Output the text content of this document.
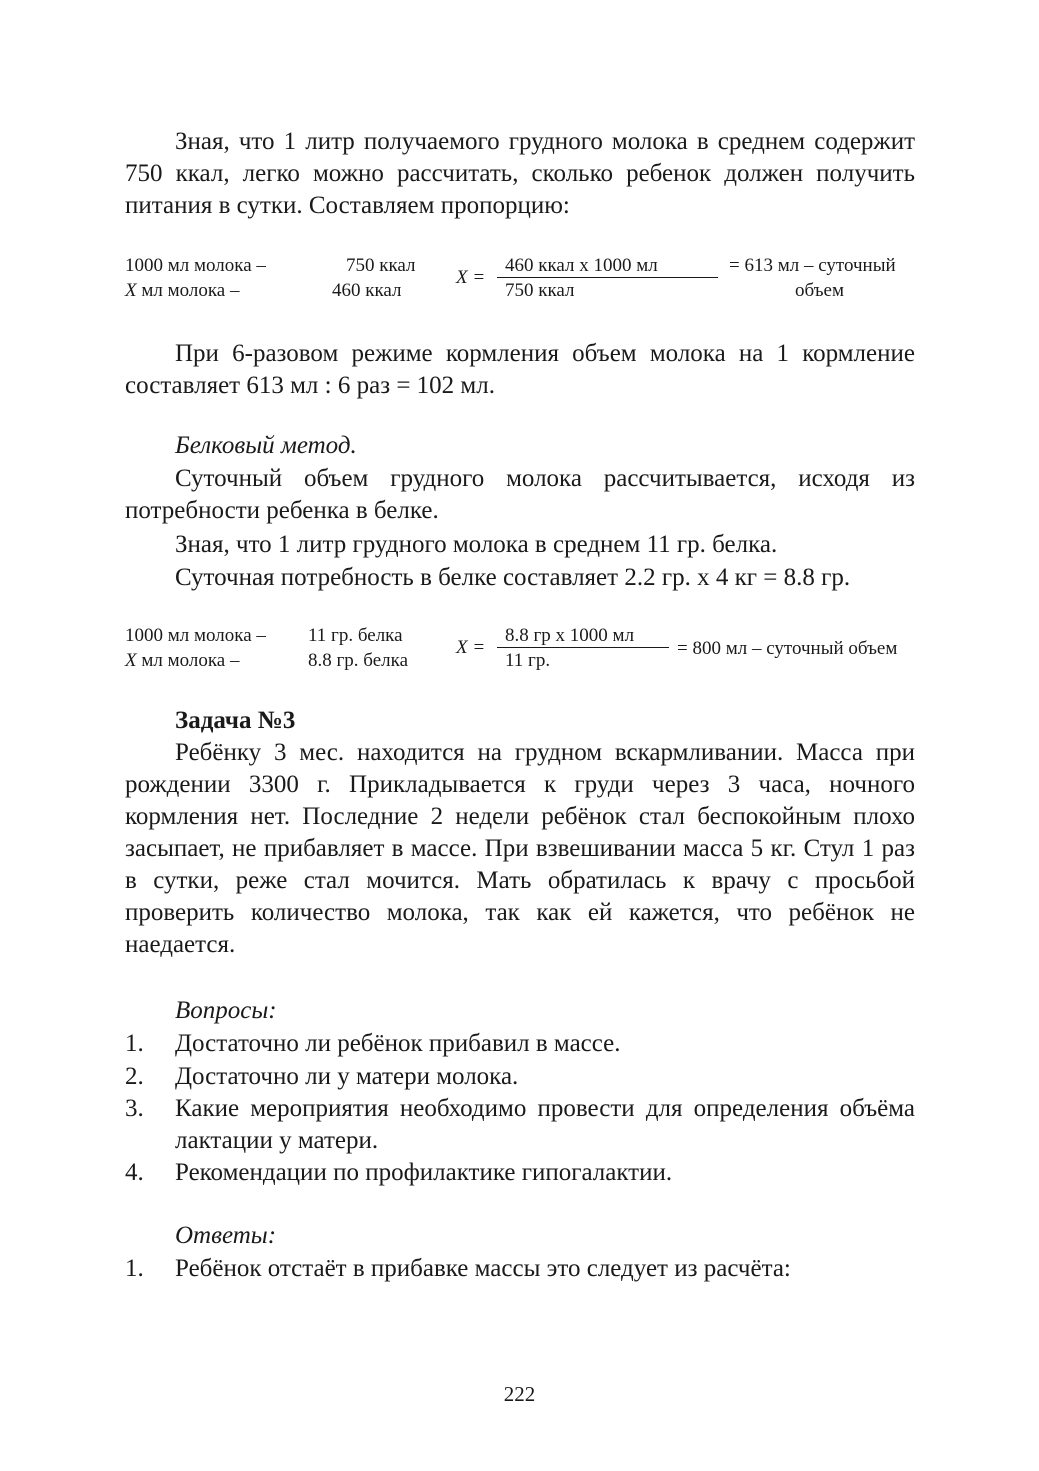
Зная, что 1 литр получаемого грудного молока в среднем содержит 750 ккал, легко можно рассчитать, сколько ребенок должен получить питания в сутки. Составляем пропорцию:
1000 мл молока –	750 ккал
X мл молока –	460 ккал
X =
460 ккал х 1000 мл
750 ккал
= 613 мл – суточный
объем
При 6-разовом режиме кормления объем молока на 1 кормление составляет 613 мл : 6 раз = 102 мл.
Белковый метод.
Суточный объем грудного молока рассчитывается, исходя из потребности ребенка в белке.
Зная, что 1 литр грудного молока в среднем 11 гр. белка.
Суточная потребность в белке составляет 2.2 гр. х 4 кг = 8.8 гр.
1000 мл молока – 11 гр. белка
X мл молока –	8.8 гр. белка
X =
8.8 гр х 1000 мл
11 гр.
= 800 мл – суточный объем
Задача №3
Ребёнку 3 мес. находится на грудном вскармливании. Масса при рождении 3300 г. Прикладывается к груди через 3 часа, ночного кормления нет. Последние 2 недели ребёнок стал беспокойным плохо засыпает, не прибавляет в массе. При взвешивании масса 5 кг. Стул 1 раз в сутки, реже стал мочится. Мать обратилась к врачу с просьбой проверить количество молока, так как ей кажется, что ребёнок не наедается.
Вопросы:
1. Достаточно ли ребёнок прибавил в массе.
2. Достаточно ли у матери молока.
3. Какие мероприятия необходимо провести для определения объёма лактации у матери.
4. Рекомендации по профилактике гипогалактии.
Ответы:
1. Ребёнок отстаёт в прибавке массы это следует из расчёта:
222
